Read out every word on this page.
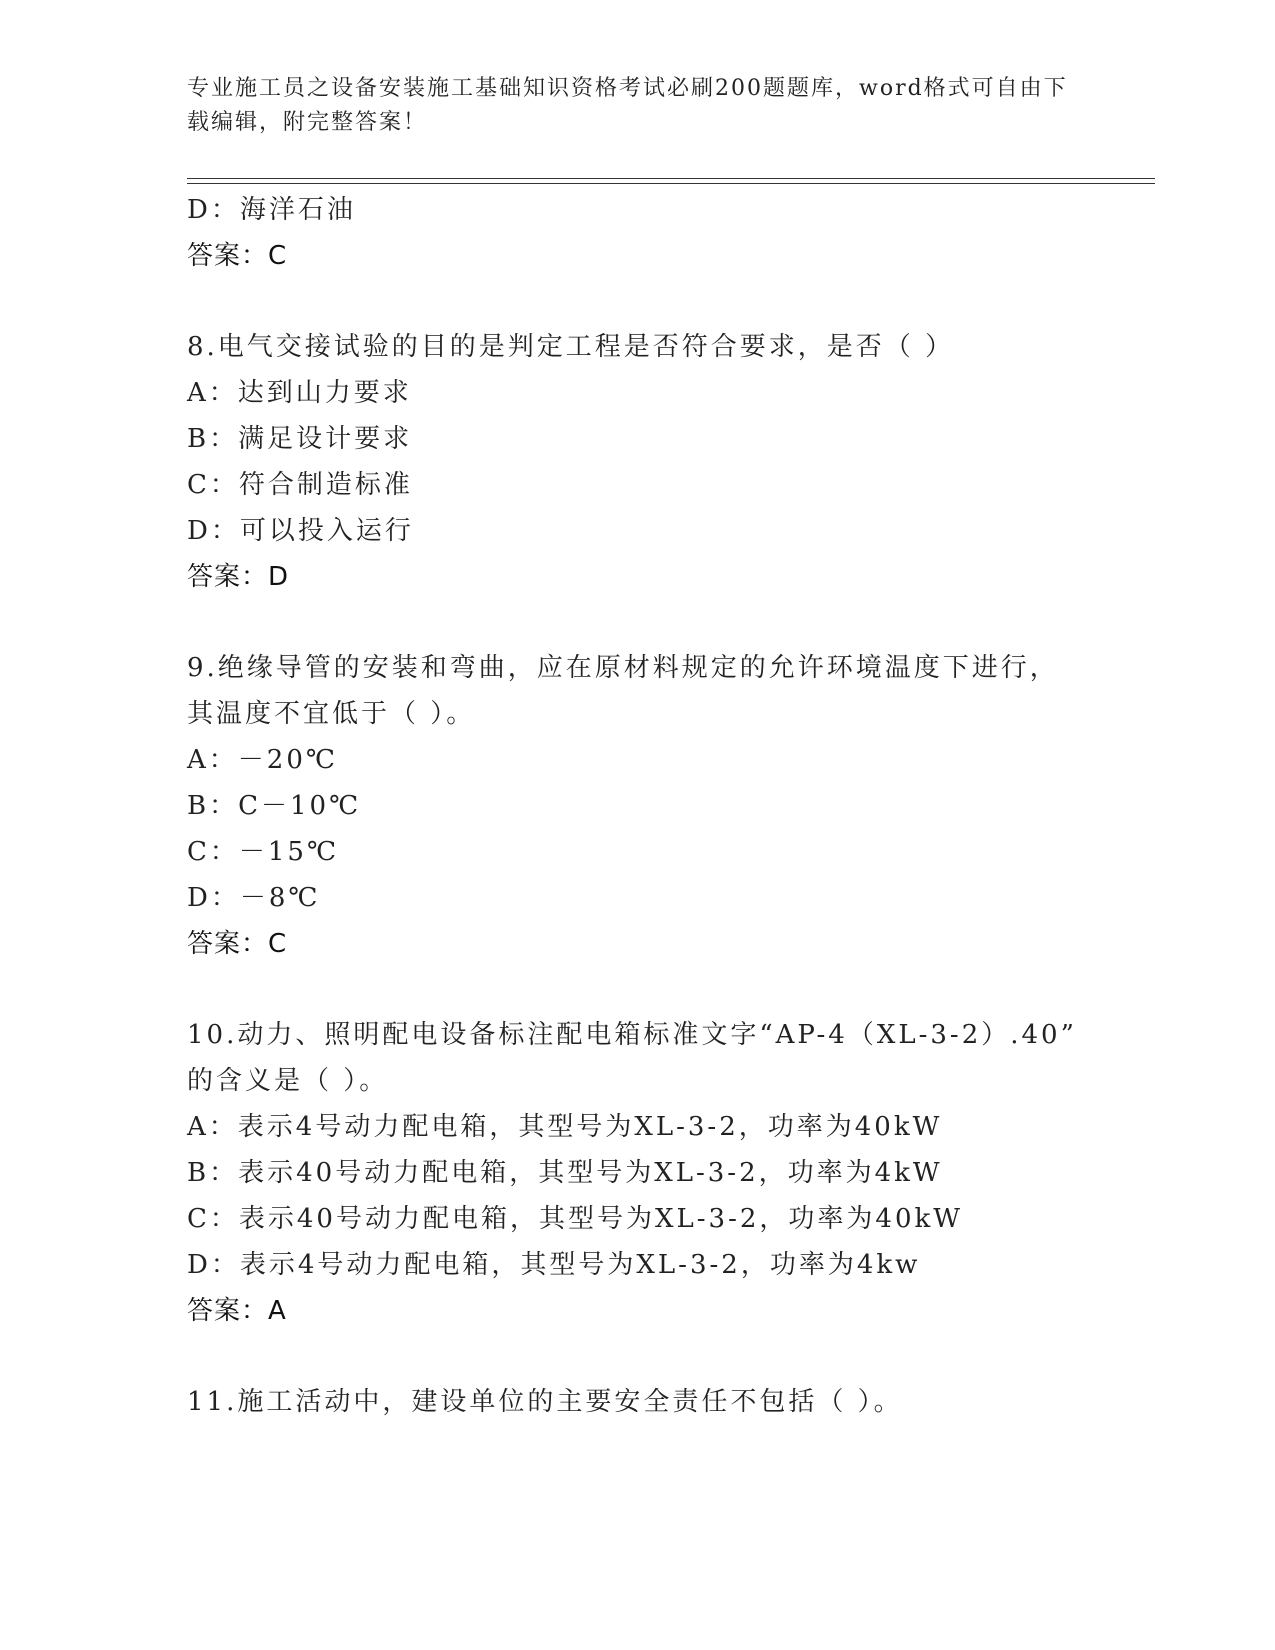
专业施工员之设备安装施工基础知识资格考试必刷200题题库，word格式可自由下载编辑，附完整答案！
D：海洋石油
答案：C
8.电气交接试验的目的是判定工程是否符合要求，是否（ ）
A：达到山力要求
B：满足设计要求
C：符合制造标准
D：可以投入运行
答案：D
9.绝缘导管的安装和弯曲，应在原材料规定的允许环境温度下进行，
其温度不宜低于（ ）。
A：－20℃
B：C－10℃
C：－15℃
D：－8℃
答案：C
10.动力、照明配电设备标注配电箱标准文字“AP-4（XL-3-2）.40”
的含义是（ ）。
A：表示4号动力配电箱，其型号为XL-3-2，功率为40kW
B：表示40号动力配电箱，其型号为XL-3-2，功率为4kW
C：表示40号动力配电箱，其型号为XL-3-2，功率为40kW
D：表示4号动力配电箱，其型号为XL-3-2，功率为4kw
答案：A
11.施工活动中，建设单位的主要安全责任不包括（ ）。
